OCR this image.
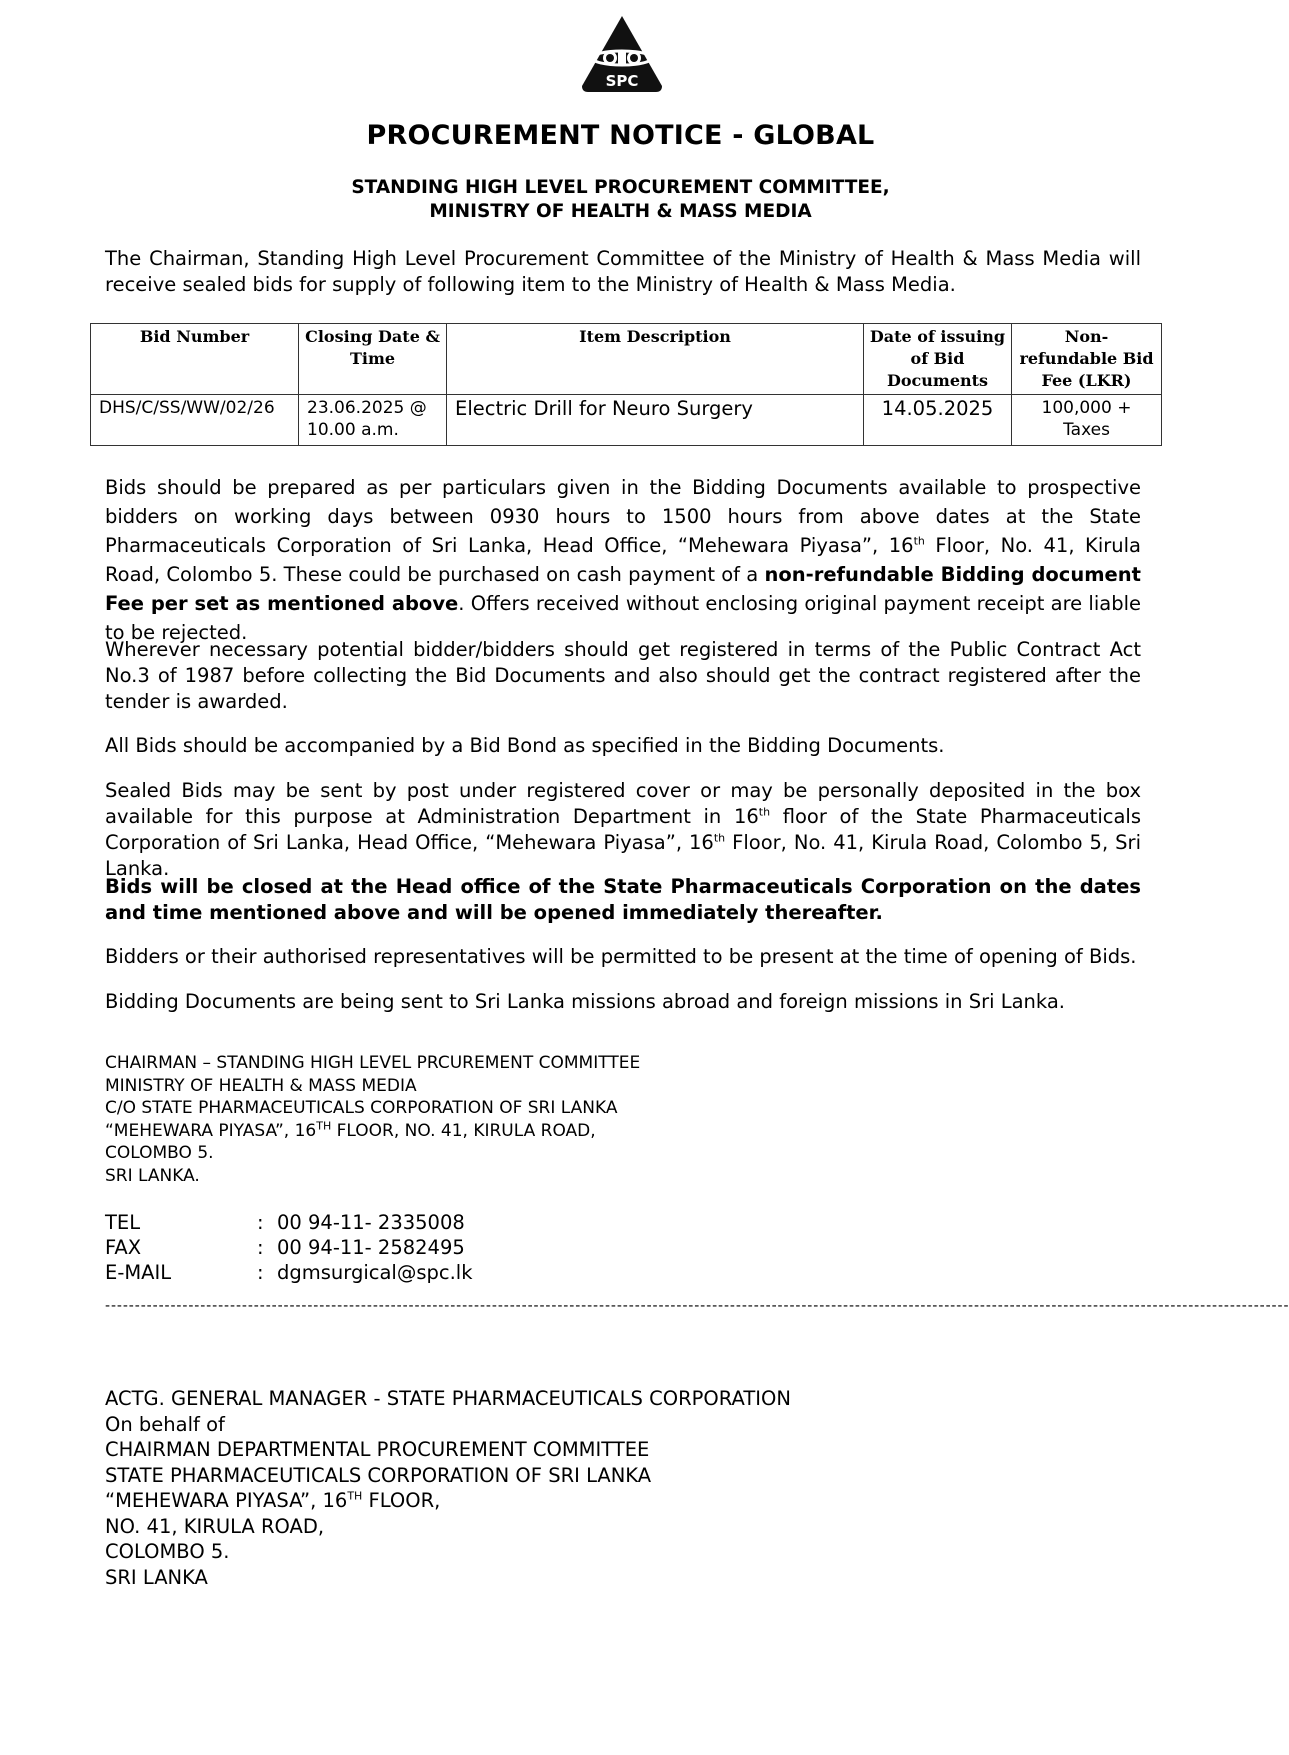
SPC
PROCUREMENT NOTICE - GLOBAL
STANDING HIGH LEVEL PROCUREMENT COMMITTEE,
MINISTRY OF HEALTH & MASS MEDIA

The Chairman, Standing High Level Procurement Committee of the Ministry of Health & Mass Media will receive sealed bids for supply of following item to the Ministry of Health & Mass Media.

Bid Number	Closing Date & Time	Item Description	Date of issuing of Bid Documents	Non-refundable Bid Fee (LKR)
DHS/C/SS/WW/02/26	23.06.2025 @ 10.00 a.m.	Electric Drill for Neuro Surgery	14.05.2025	100,000 + Taxes

Bids should be prepared as per particulars given in the Bidding Documents available to prospective bidders on working days between 0930 hours to 1500 hours from above dates at the State Pharmaceuticals Corporation of Sri Lanka, Head Office, “Mehewara Piyasa”, 16th Floor, No. 41, Kirula Road, Colombo 5. These could be purchased on cash payment of a non-refundable Bidding document Fee per set as mentioned above. Offers received without enclosing original payment receipt are liable to be rejected.

Wherever necessary potential bidder/bidders should get registered in terms of the Public Contract Act No.3 of 1987 before collecting the Bid Documents and also should get the contract registered after the tender is awarded.

All Bids should be accompanied by a Bid Bond as specified in the Bidding Documents.

Sealed Bids may be sent by post under registered cover or may be personally deposited in the box available for this purpose at Administration Department in 16th floor of the State Pharmaceuticals Corporation of Sri Lanka, Head Office, “Mehewara Piyasa”, 16th Floor, No. 41, Kirula Road, Colombo 5, Sri Lanka.

Bids will be closed at the Head office of the State Pharmaceuticals Corporation on the dates and time mentioned above and will be opened immediately thereafter.

Bidders or their authorised representatives will be permitted to be present at the time of opening of Bids.

Bidding Documents are being sent to Sri Lanka missions abroad and foreign missions in Sri Lanka.

CHAIRMAN – STANDING HIGH LEVEL PRCUREMENT COMMITTEE
MINISTRY OF HEALTH & MASS MEDIA
C/O STATE PHARMACEUTICALS CORPORATION OF SRI LANKA
“MEHEWARA PIYASA”, 16TH FLOOR, NO. 41, KIRULA ROAD,
COLOMBO 5.
SRI LANKA.
TEL	: 00 94-11- 2335008
FAX	: 00 94-11- 2582495
E-MAIL	: dgmsurgical@spc.lk
-------------------------------------------------------------------------------------------------------------------------------------------------------------------------------------------------------
ACTG. GENERAL MANAGER - STATE PHARMACEUTICALS CORPORATION
On behalf of
CHAIRMAN DEPARTMENTAL PROCUREMENT COMMITTEE
STATE PHARMACEUTICALS CORPORATION OF SRI LANKA
“MEHEWARA PIYASA”, 16TH FLOOR,
NO. 41, KIRULA ROAD,
COLOMBO 5.
SRI LANKA
